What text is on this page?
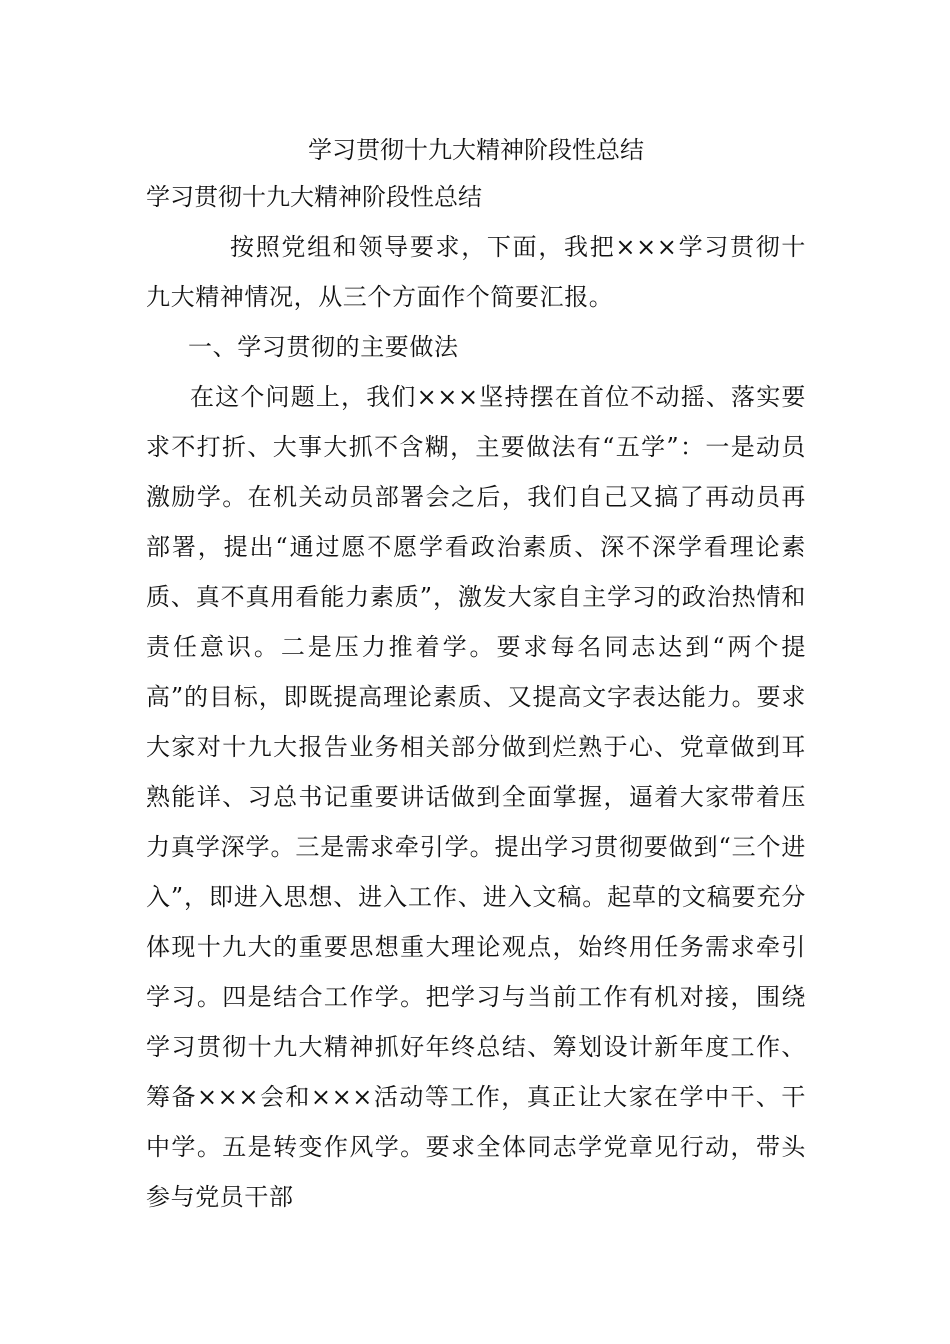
学习贯彻十九大精神阶段性总结

学习贯彻十九大精神阶段性总结

按照党组和领导要求，下面，我把×××学习贯彻十九大精神情况，从三个方面作个简要汇报。

一、学习贯彻的主要做法

在这个问题上，我们×××坚持摆在首位不动摇、落实要求不打折、大事大抓不含糊，主要做法有“五学”：一是动员激励学。在机关动员部署会之后，我们自己又搞了再动员再部署，提出“通过愿不愿学看政治素质、深不深学看理论素质、真不真用看能力素质”，激发大家自主学习的政治热情和责任意识。二是压力推着学。要求每名同志达到“两个提高”的目标，即既提高理论素质、又提高文字表达能力。要求大家对十九大报告业务相关部分做到烂熟于心、党章做到耳熟能详、习总书记重要讲话做到全面掌握，逼着大家带着压力真学深学。三是需求牵引学。提出学习贯彻要做到“三个进入”，即进入思想、进入工作、进入文稿。起草的文稿要充分体现十九大的重要思想重大理论观点，始终用任务需求牵引学习。四是结合工作学。把学习与当前工作有机对接，围绕学习贯彻十九大精神抓好年终总结、筹划设计新年度工作、筹备×××会和×××活动等工作，真正让大家在学中干、干中学。五是转变作风学。要求全体同志学党章见行动，带头参与党员干部
